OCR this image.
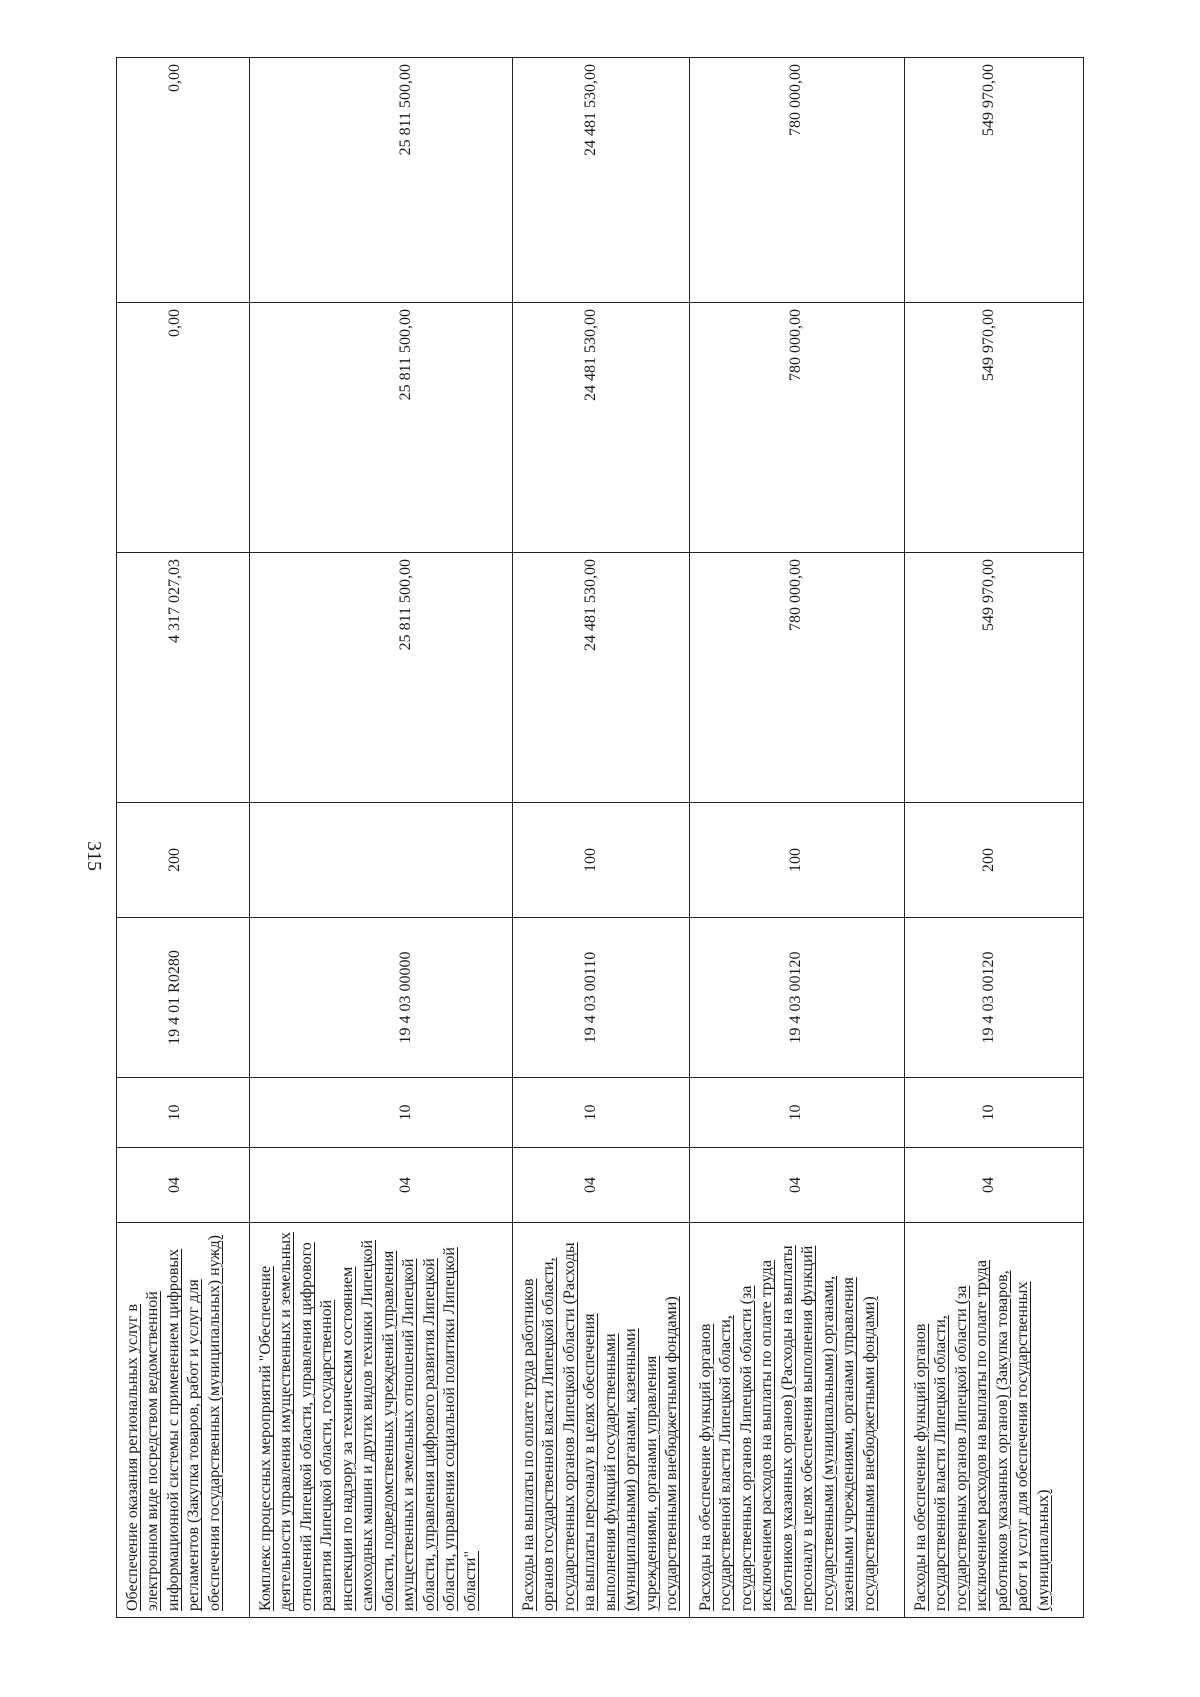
315
Обеспечение оказания региональных услуг в электронном виде посредством ведомственной информационной системы с применением цифровых регламентов (Закупка товаров, работ и услуг для обеспечения государственных (муниципальных) нужд)	04	10	19 4 01 R0280	200	4 317 027,03	0,00	0,00

Комплекс процессных мероприятий "Обеспечение деятельности управления имущественных и земельных отношений Липецкой области, управления цифрового развития Липецкой области, государственной инспекции по надзору за техническим состоянием самоходных машин и других видов техники Липецкой области, подведомственных учреждений управления имущественных и земельных отношений Липецкой области, управления цифрового развития Липецкой области, управления социальной политики Липецкой области"	04	10	19 4 03 00000		25 811 500,00	25 811 500,00	25 811 500,00

Расходы на выплаты по оплате труда работников органов государственной власти Липецкой области, государственных органов Липецкой области (Расходы на выплаты персоналу в целях обеспечения выполнения функций государственными (муниципальными) органами, казенными учреждениями, органами управления государственными внебюджетными фондами)	04	10	19 4 03 00110	100	24 481 530,00	24 481 530,00	24 481 530,00

Расходы на обеспечение функций органов государственной власти Липецкой области, государственных органов Липецкой области (за исключением расходов на выплаты по оплате труда работников указанных органов) (Расходы на выплаты персоналу в целях обеспечения выполнения функций государственными (муниципальными) органами, казенными учреждениями, органами управления государственными внебюджетными фондами)	04	10	19 4 03 00120	100	780 000,00	780 000,00	780 000,00

Расходы на обеспечение функций органов государственной власти Липецкой области, государственных органов Липецкой области (за исключением расходов на выплаты по оплате труда работников указанных органов) (Закупка товаров, работ и услуг для обеспечения государственных (муниципальных)	04	10	19 4 03 00120	200	549 970,00	549 970,00	549 970,00
